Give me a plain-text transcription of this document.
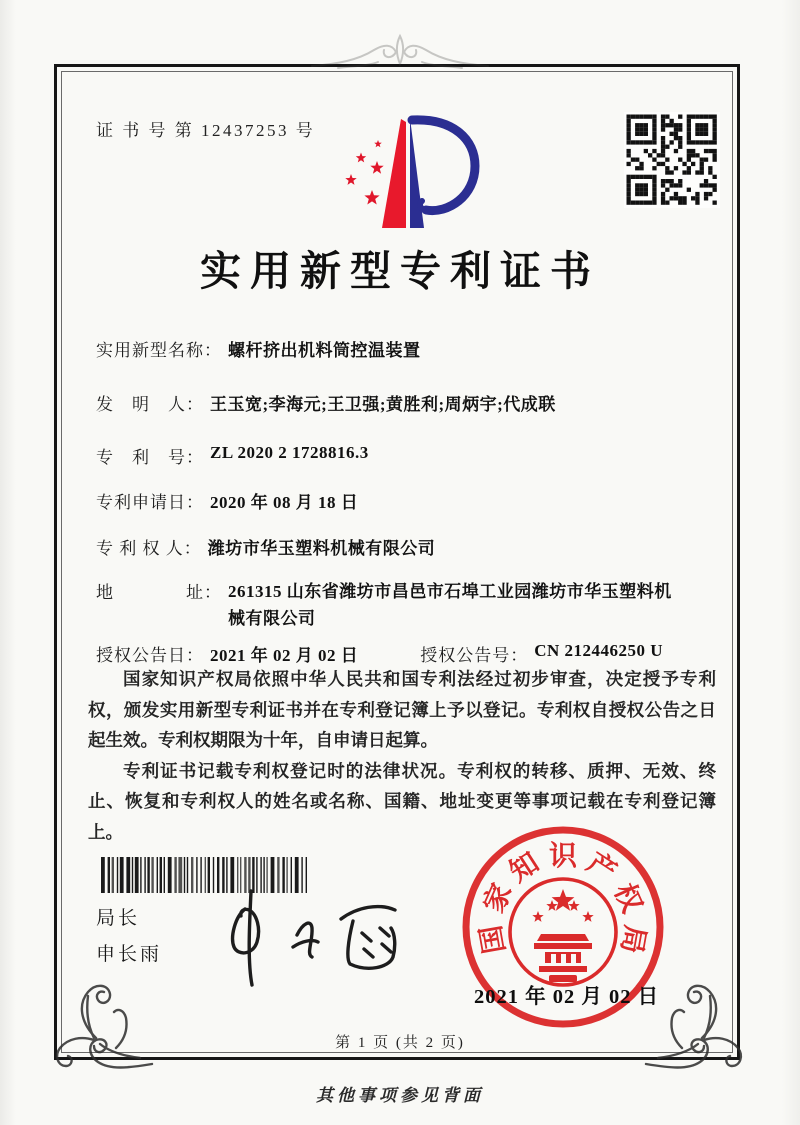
证 书 号 第 12437253 号
实用新型专利证书
实用新型名称： 螺杆挤出机料筒控温装置
发　明　人： 王玉宽;李海元;王卫强;黄胜利;周炳宇;代成联
专　利　号： ZL 2020 2 1728816.3
专利申请日： 2020 年 08 月 18 日
专 利 权 人： 潍坊市华玉塑料机械有限公司
地　　　　址： 261315 山东省潍坊市昌邑市石埠工业园潍坊市华玉塑料机械有限公司
授权公告日： 2021 年 02 月 02 日	授权公告号： CN 212446250 U

国家知识产权局依照中华人民共和国专利法经过初步审查，决定授予专利权，颁发实用新型专利证书并在专利登记簿上予以登记。专利权自授权公告之日起生效。专利权期限为十年，自申请日起算。

专利证书记载专利权登记时的法律状况。专利权的转移、质押、无效、终止、恢复和专利权人的姓名或名称、国籍、地址变更等事项记载在专利登记簿上。

局长
申长雨	国
家
知 识 产
权
局
2021 年 02 月 02 日
第 1 页 (共 2 页)
其他事项参见背面
